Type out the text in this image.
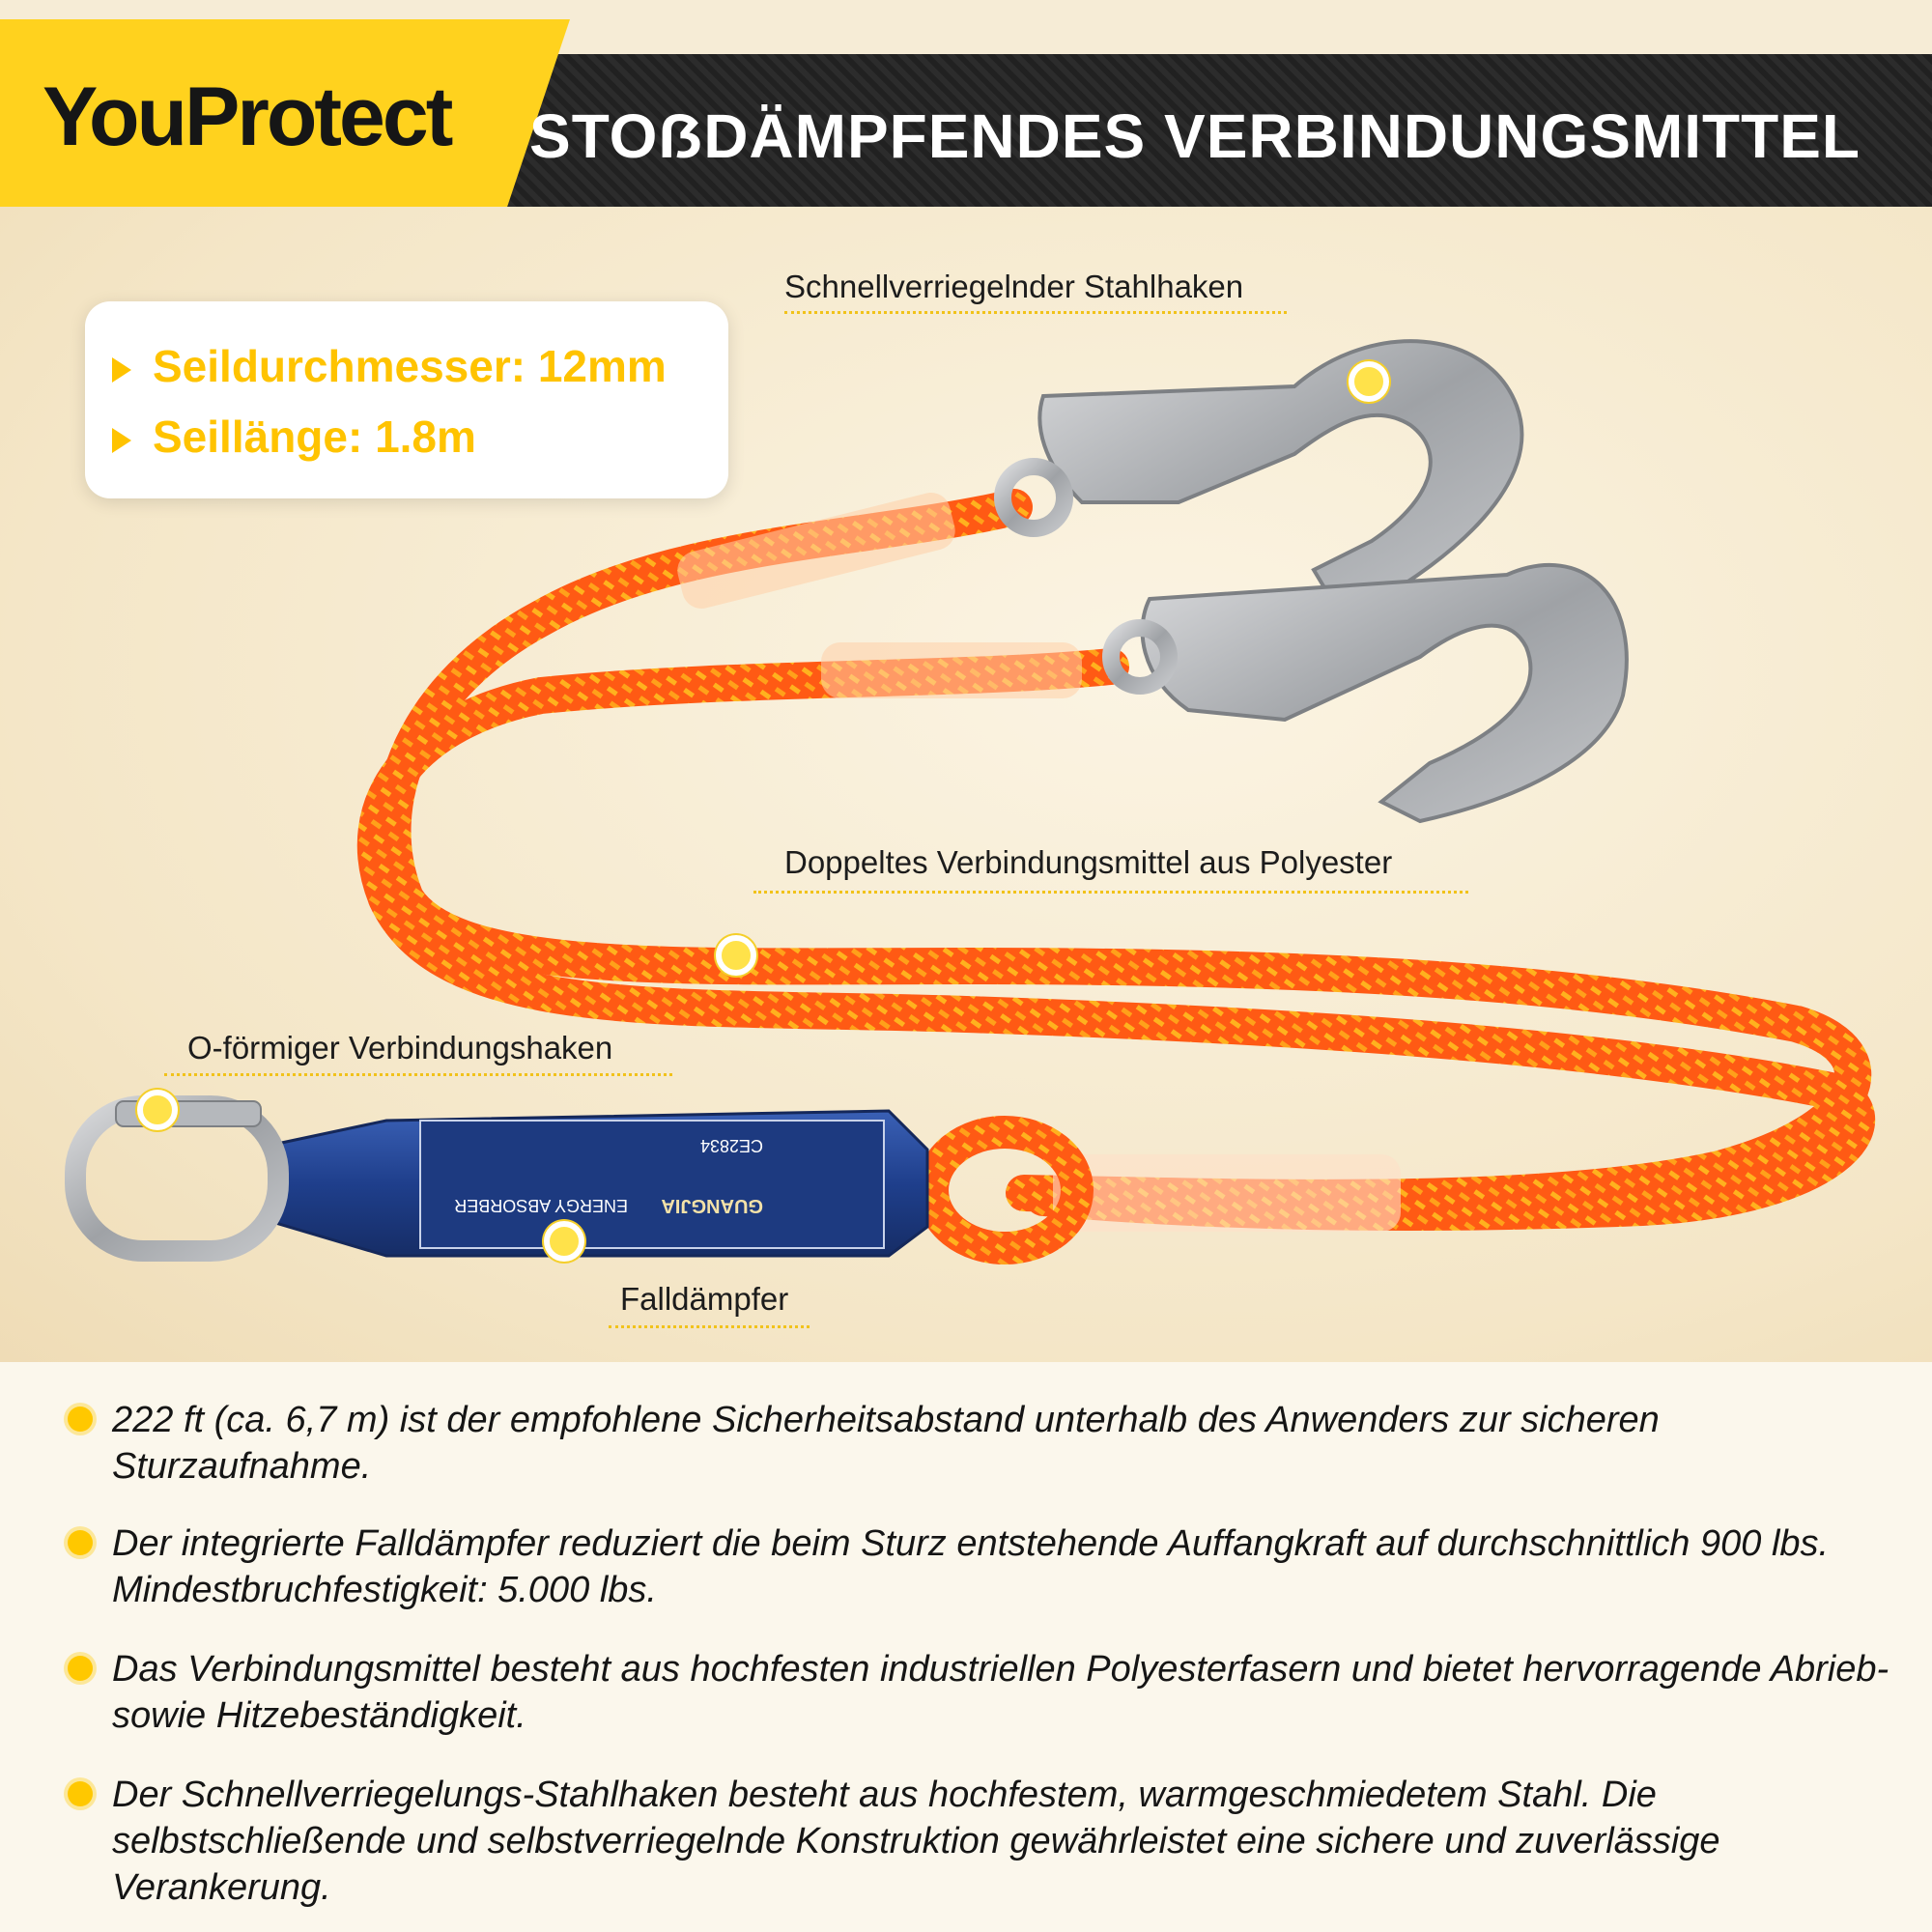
YouProtect STOẞDÄMPFENDES VERBINDUNGSMITTEL
GUANGJIA
ENERGY ABSORBER
CE2834
Seildurchmesser: 12mm
Seillänge: 1.8m
Schnellverriegelnder Stahlhaken
Doppeltes Verbindungsmittel aus Polyester
O-förmiger Verbindungshaken
Falldämpfer
222 ft (ca. 6,7 m) ist der empfohlene Sicherheitsabstand unterhalb des Anwenders zur sicheren Sturzaufnahme.
Der integrierte Falldämpfer reduziert die beim Sturz entstehende Auffangkraft auf durchschnittlich 900 lbs. Mindestbruchfestigkeit: 5.000 lbs.
Das Verbindungsmittel besteht aus hochfesten industriellen Polyesterfasern und bietet hervorragende Abrieb- sowie Hitzebeständigkeit.
Der Schnellverriegelungs-Stahlhaken besteht aus hochfestem, warmgeschmiedetem Stahl. Die selbstschließende und selbstverriegelnde Konstruktion gewährleistet eine sichere und zuverlässige Verankerung.
